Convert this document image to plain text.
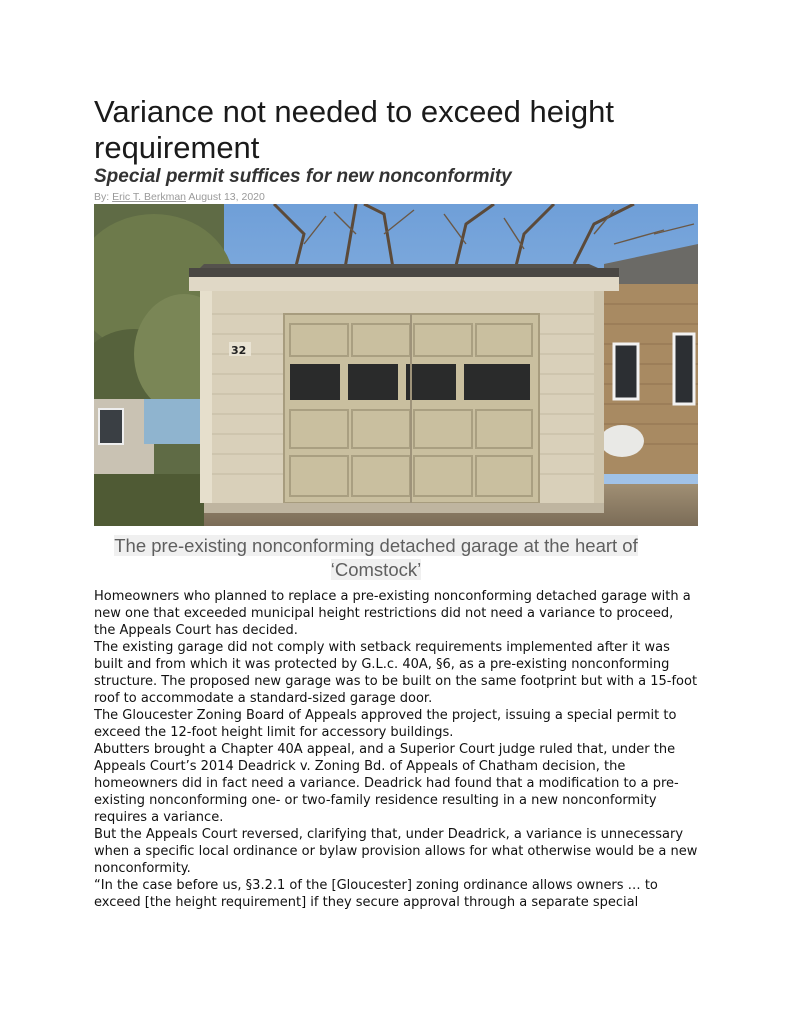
Variance not needed to exceed height requirement
Special permit suffices for new nonconformity
By: Eric T. Berkman August 13, 2020
32
The pre-existing nonconforming detached garage at the heart of ‘Comstock’

Homeowners who planned to replace a pre-existing nonconforming detached garage with a new one that exceeded municipal height restrictions did not need a variance to proceed, the Appeals Court has decided.

The existing garage did not comply with setback requirements implemented after it was built and from which it was protected by G.L.c. 40A, §6, as a pre-existing nonconforming structure. The proposed new garage was to be built on the same footprint but with a 15-foot roof to accommodate a standard-sized garage door.

The Gloucester Zoning Board of Appeals approved the project, issuing a special permit to exceed the 12-foot height limit for accessory buildings.

Abutters brought a Chapter 40A appeal, and a Superior Court judge ruled that, under the Appeals Court’s 2014 Deadrick v. Zoning Bd. of Appeals of Chatham decision, the homeowners did in fact need a variance. Deadrick had found that a modification to a pre-existing nonconforming one- or two-family residence resulting in a new nonconformity requires a variance.

But the Appeals Court reversed, clarifying that, under Deadrick, a variance is unnecessary when a specific local ordinance or bylaw provision allows for what otherwise would be a new nonconformity.

“In the case before us, §3.2.1 of the [Gloucester] zoning ordinance allows owners … to exceed [the height requirement] if they secure approval through a separate special
